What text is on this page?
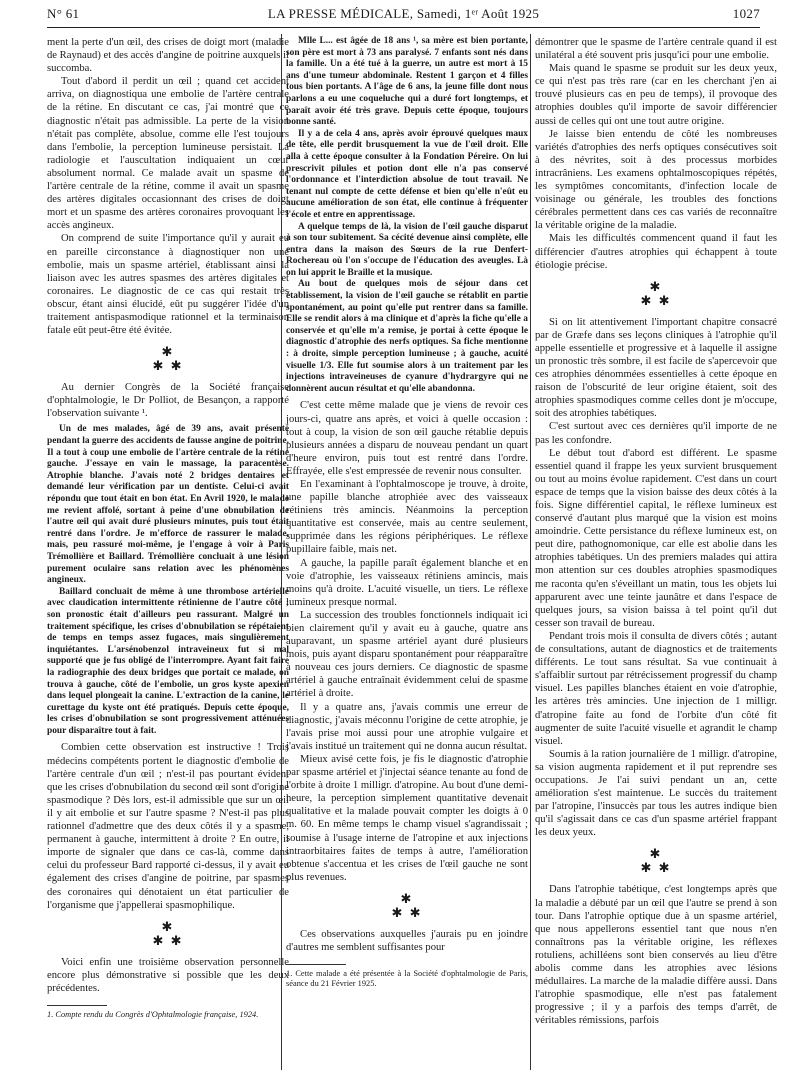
N° 61	LA PRESSE MÉDICALE, Samedi, 1ᵉʳ Août 1925	1027

ment la perte d'un œil, des crises de doigt mort (maladie de Raynaud) et des accès d'angine de poitrine auxquels il succomba.

Tout d'abord il perdit un œil ; quand cet accident arriva, on diagnostiqua une embolie de l'artère centrale de la rétine. En discutant ce cas, j'ai montré que ce diagnostic n'était pas admissible. La perte de la vision n'était pas complète, absolue, comme elle l'est toujours dans l'embolie, la perception lumineuse persistait. La radiologie et l'auscultation indiquaient un cœur absolument normal. Ce malade avait un spasme de l'artère centrale de la rétine, comme il avait un spasme des artères digitales occasionnant des crises de doigt mort et un spasme des artères coronaires provoquant les accès angineux.

On comprend de suite l'importance qu'il y aurait eu en pareille circonstance à diagnostiquer non une embolie, mais un spasme artériel, établissant ainsi la liaison avec les autres spasmes des artères digitales et coronaires. Le diagnostic de ce cas qui restait très obscur, étant ainsi élucidé, eût pu suggérer l'idée d'un traitement antispasmodique rationnel et la terminaison fatale eût peut-être été évitée.

✱
✱ ✱

Au dernier Congrès de la Société française d'ophtalmologie, le Dr Polliot, de Besançon, a rapporté l'observation suivante ¹.

Un de mes malades, âgé de 39 ans, avait présenté pendant la guerre des accidents de fausse angine de poitrine. Il a tout à coup une embolie de l'artère centrale de la rétine gauche. J'essaye en vain le massage, la paracentèse. Atrophie blanche. J'avais noté 2 bridges dentaires et demandé leur vérification par un dentiste. Celui-ci avait répondu que tout était en bon état. En Avril 1920, le malade me revient affolé, sortant à peine d'une obnubilation de l'autre œil qui avait duré plusieurs minutes, puis tout était rentré dans l'ordre. Je m'efforce de rassurer le malade, mais, peu rassuré moi-même, je l'engage à voir à Paris Trémollière et Baillard. Trémollière concluait à une lésion purement oculaire sans relation avec les phénomènes angineux.

Baillard concluait de même à une thrombose artérielle avec claudication intermittente rétinienne de l'autre côté ; son pronostic était d'ailleurs peu rassurant. Malgré un traitement spécifique, les crises d'obnubilation se répétaient de temps en temps assez fugaces, mais singulièrement inquiétantes. L'arsénobenzol intraveineux fut si mal supporté que je fus obligé de l'interrompre. Ayant fait faire la radiographie des deux bridges que portait ce malade, on trouva à gauche, côté de l'embolie, un gros kyste apexien dans lequel plongeait la canine. L'extraction de la canine, le curettage du kyste ont été pratiqués. Depuis cette époque, les crises d'obnubilation se sont progressivement atténuées pour disparaître tout à fait.

Combien cette observation est instructive ! Trois médecins compétents portent le diagnostic d'embolie de l'artère centrale d'un œil ; n'est-il pas pourtant évident que les crises d'obnubilation du second œil sont d'origine spasmodique ? Dès lors, est-il admissible que sur un œil il y ait embolie et sur l'autre spasme ? N'est-il pas plus rationnel d'admettre que des deux côtés il y a spasme, permanent à gauche, intermittent à droite ? En outre, il importe de signaler que dans ce cas-là, comme dans celui du professeur Bard rapporté ci-dessus, il y avait eu également des crises d'angine de poitrine, par spasmes des coronaires qui dénotaient un état particulier de l'organisme que j'appellerai spasmophilique.

✱
✱ ✱

Voici enfin une troisième observation personnelle encore plus démonstrative si possible que les deux précédentes.

1. Compte rendu du Congrès d'Ophtalmologie française, 1924.

Mlle L... est âgée de 18 ans ¹, sa mère est bien portante, son père est mort à 73 ans paralysé. 7 enfants sont nés dans la famille. Un a été tué à la guerre, un autre est mort à 15 ans d'une tumeur abdominale. Restent 1 garçon et 4 filles tous bien portants. A l'âge de 6 ans, la jeune fille dont nous parlons a eu une coqueluche qui a duré fort longtemps, et paraît avoir été très grave. Depuis cette époque, toujours bonne santé.

Il y a de cela 4 ans, après avoir éprouvé quelques maux de tête, elle perdit brusquement la vue de l'œil droit. Elle alla à cette époque consulter à la Fondation Péreire. On lui prescrivit pilules et potion dont elle n'a pas conservé l'ordonnance et l'interdiction absolue de tout travail. Ne tenant nul compte de cette défense et bien qu'elle n'eût eu aucune amélioration de son état, elle continue à fréquenter l'école et entre en apprentissage.

A quelque temps de là, la vision de l'œil gauche disparut à son tour subitement. Sa cécité devenue ainsi complète, elle entra dans la maison des Sœurs de la rue Denfert-Rochereau où l'on s'occupe de l'éducation des aveugles. Là on lui apprit le Braille et la musique.

Au bout de quelques mois de séjour dans cet établissement, la vision de l'œil gauche se rétablit en partie spontanément, au point qu'elle put rentrer dans sa famille. Elle se rendit alors à ma clinique et d'après la fiche qu'elle a conservée et qu'elle m'a remise, je portai à cette époque le diagnostic d'atrophie des nerfs optiques. Sa fiche mentionne : à droite, simple perception lumineuse ; à gauche, acuité visuelle 1/3. Elle fut soumise alors à un traitement par les injections intraveineuses de cyanure d'hydrargyre qui ne donnèrent aucun résultat et qu'elle abandonna.

C'est cette même malade que je viens de revoir ces jours-ci, quatre ans après, et voici à quelle occasion : tout à coup, la vision de son œil gauche rétablie depuis plusieurs années a disparu de nouveau pendant un quart d'heure environ, puis tout est rentré dans l'ordre. Effrayée, elle s'est empressée de revenir nous consulter.

En l'examinant à l'ophtalmoscope je trouve, à droite, une papille blanche atrophiée avec des vaisseaux rétiniens très amincis. Néanmoins la perception quantitative est conservée, mais au centre seulement, supprimée dans les régions périphériques. Le réflexe pupillaire faible, mais net.

A gauche, la papille paraît également blanche et en voie d'atrophie, les vaisseaux rétiniens amincis, mais moins qu'à droite. L'acuité visuelle, un tiers. Le réflexe lumineux presque normal.

La succession des troubles fonctionnels indiquait ici bien clairement qu'il y avait eu à gauche, quatre ans auparavant, un spasme artériel ayant duré plusieurs mois, puis ayant disparu spontanément pour réapparaître à nouveau ces jours derniers. Ce diagnostic de spasme artériel à gauche entraînait évidemment celui de spasme artériel à droite.

Il y a quatre ans, j'avais commis une erreur de diagnostic, j'avais méconnu l'origine de cette atrophie, je l'avais prise moi aussi pour une atrophie vulgaire et j'avais institué un traitement qui ne donna aucun résultat.

Mieux avisé cette fois, je fis le diagnostic d'atrophie par spasme artériel et j'injectai séance tenante au fond de l'orbite à droite 1 milligr. d'atropine. Au bout d'une demi-heure, la perception simplement quantitative devenait qualitative et la malade pouvait compter les doigts à 0 m. 60. En même temps le champ visuel s'agrandissait ; soumise à l'usage interne de l'atropine et aux injections intraorbitaires faites de temps à autre, l'amélioration obtenue s'accentua et les crises de l'œil gauche ne sont plus revenues.

✱
✱ ✱

Ces observations auxquelles j'aurais pu en joindre d'autres me semblent suffisantes pour

1. Cette malade a été présentée à la Société d'ophtalmologie de Paris, séance du 21 Février 1925.

démontrer que le spasme de l'artère centrale quand il est unilatéral a été souvent pris jusqu'ici pour une embolie.

Mais quand le spasme se produit sur les deux yeux, ce qui n'est pas très rare (car en les cherchant j'en ai trouvé plusieurs cas en peu de temps), il provoque des atrophies doubles qu'il importe de savoir différencier aussi de celles qui ont une tout autre origine.

Je laisse bien entendu de côté les nombreuses variétés d'atrophies des nerfs optiques consécutives soit à des névrites, soit à des processus morbides intracrâniens. Les examens ophtalmoscopiques répétés, les symptômes concomitants, d'infection locale de voisinage ou générale, les troubles des fonctions cérébrales permettent dans ces cas variés de reconnaître la véritable origine de la maladie.

Mais les difficultés commencent quand il faut les différencier d'autres atrophies qui échappent à toute étiologie précise.

✱
✱ ✱

Si on lit attentivement l'important chapitre consacré par de Græfe dans ses leçons cliniques à l'atrophie qu'il appelle essentielle et progressive et à laquelle il assigne un pronostic très sombre, il est facile de s'apercevoir que ces atrophies dénommées essentielles à cette époque en raison de l'obscurité de leur origine étaient, soit des atrophies spasmodiques comme celles dont je m'occupe, soit des atrophies tabétiques.

C'est surtout avec ces dernières qu'il importe de ne pas les confondre.

Le début tout d'abord est différent. Le spasme essentiel quand il frappe les yeux survient brusquement ou tout au moins évolue rapidement. C'est dans un court espace de temps que la vision baisse des deux côtés à la fois. Signe différentiel capital, le réflexe lumineux est conservé d'autant plus marqué que la vision est moins amoindrie. Cette persistance du réflexe lumineux est, on peut dire, pathognomonique, car elle est abolie dans les atrophies tabétiques. Un des premiers malades qui attira mon attention sur ces doubles atrophies spasmodiques me raconta qu'en s'éveillant un matin, tous les objets lui apparurent avec une teinte jaunâtre et dans l'espace de quelques jours, sa vision baissa à tel point qu'il dut cesser son travail de bureau.

Pendant trois mois il consulta de divers côtés ; autant de consultations, autant de diagnostics et de traitements différents. Le tout sans résultat. Sa vue continuait à s'affaiblir surtout par rétrécissement progressif du champ visuel. Les papilles blanches étaient en voie d'atrophie, les artères très amincies. Une injection de 1 milligr. d'atropine faite au fond de l'orbite d'un côté fit augmenter de suite l'acuité visuelle et agrandit le champ visuel.

Soumis à la ration journalière de 1 milligr. d'atropine, sa vision augmenta rapidement et il put reprendre ses occupations. Je l'ai suivi pendant un an, cette amélioration s'est maintenue. Le succès du traitement par l'atropine, l'insuccès par tous les autres indique bien qu'il s'agissait dans ce cas d'un spasme artériel frappant les deux yeux.

✱
✱ ✱

Dans l'atrophie tabétique, c'est longtemps après que la maladie a débuté par un œil que l'autre se prend à son tour. Dans l'atrophie optique due à un spasme artériel, que nous appellerons essentiel tant que nous n'en connaîtrons pas la véritable origine, les réflexes rotuliens, achilléens sont bien conservés au lieu d'être abolis comme dans les atrophies avec lésions médullaires. La marche de la maladie diffère aussi. Dans l'atrophie spasmodique, elle n'est pas fatalement progressive ; il y a parfois des temps d'arrêt, de véritables rémissions, parfois
